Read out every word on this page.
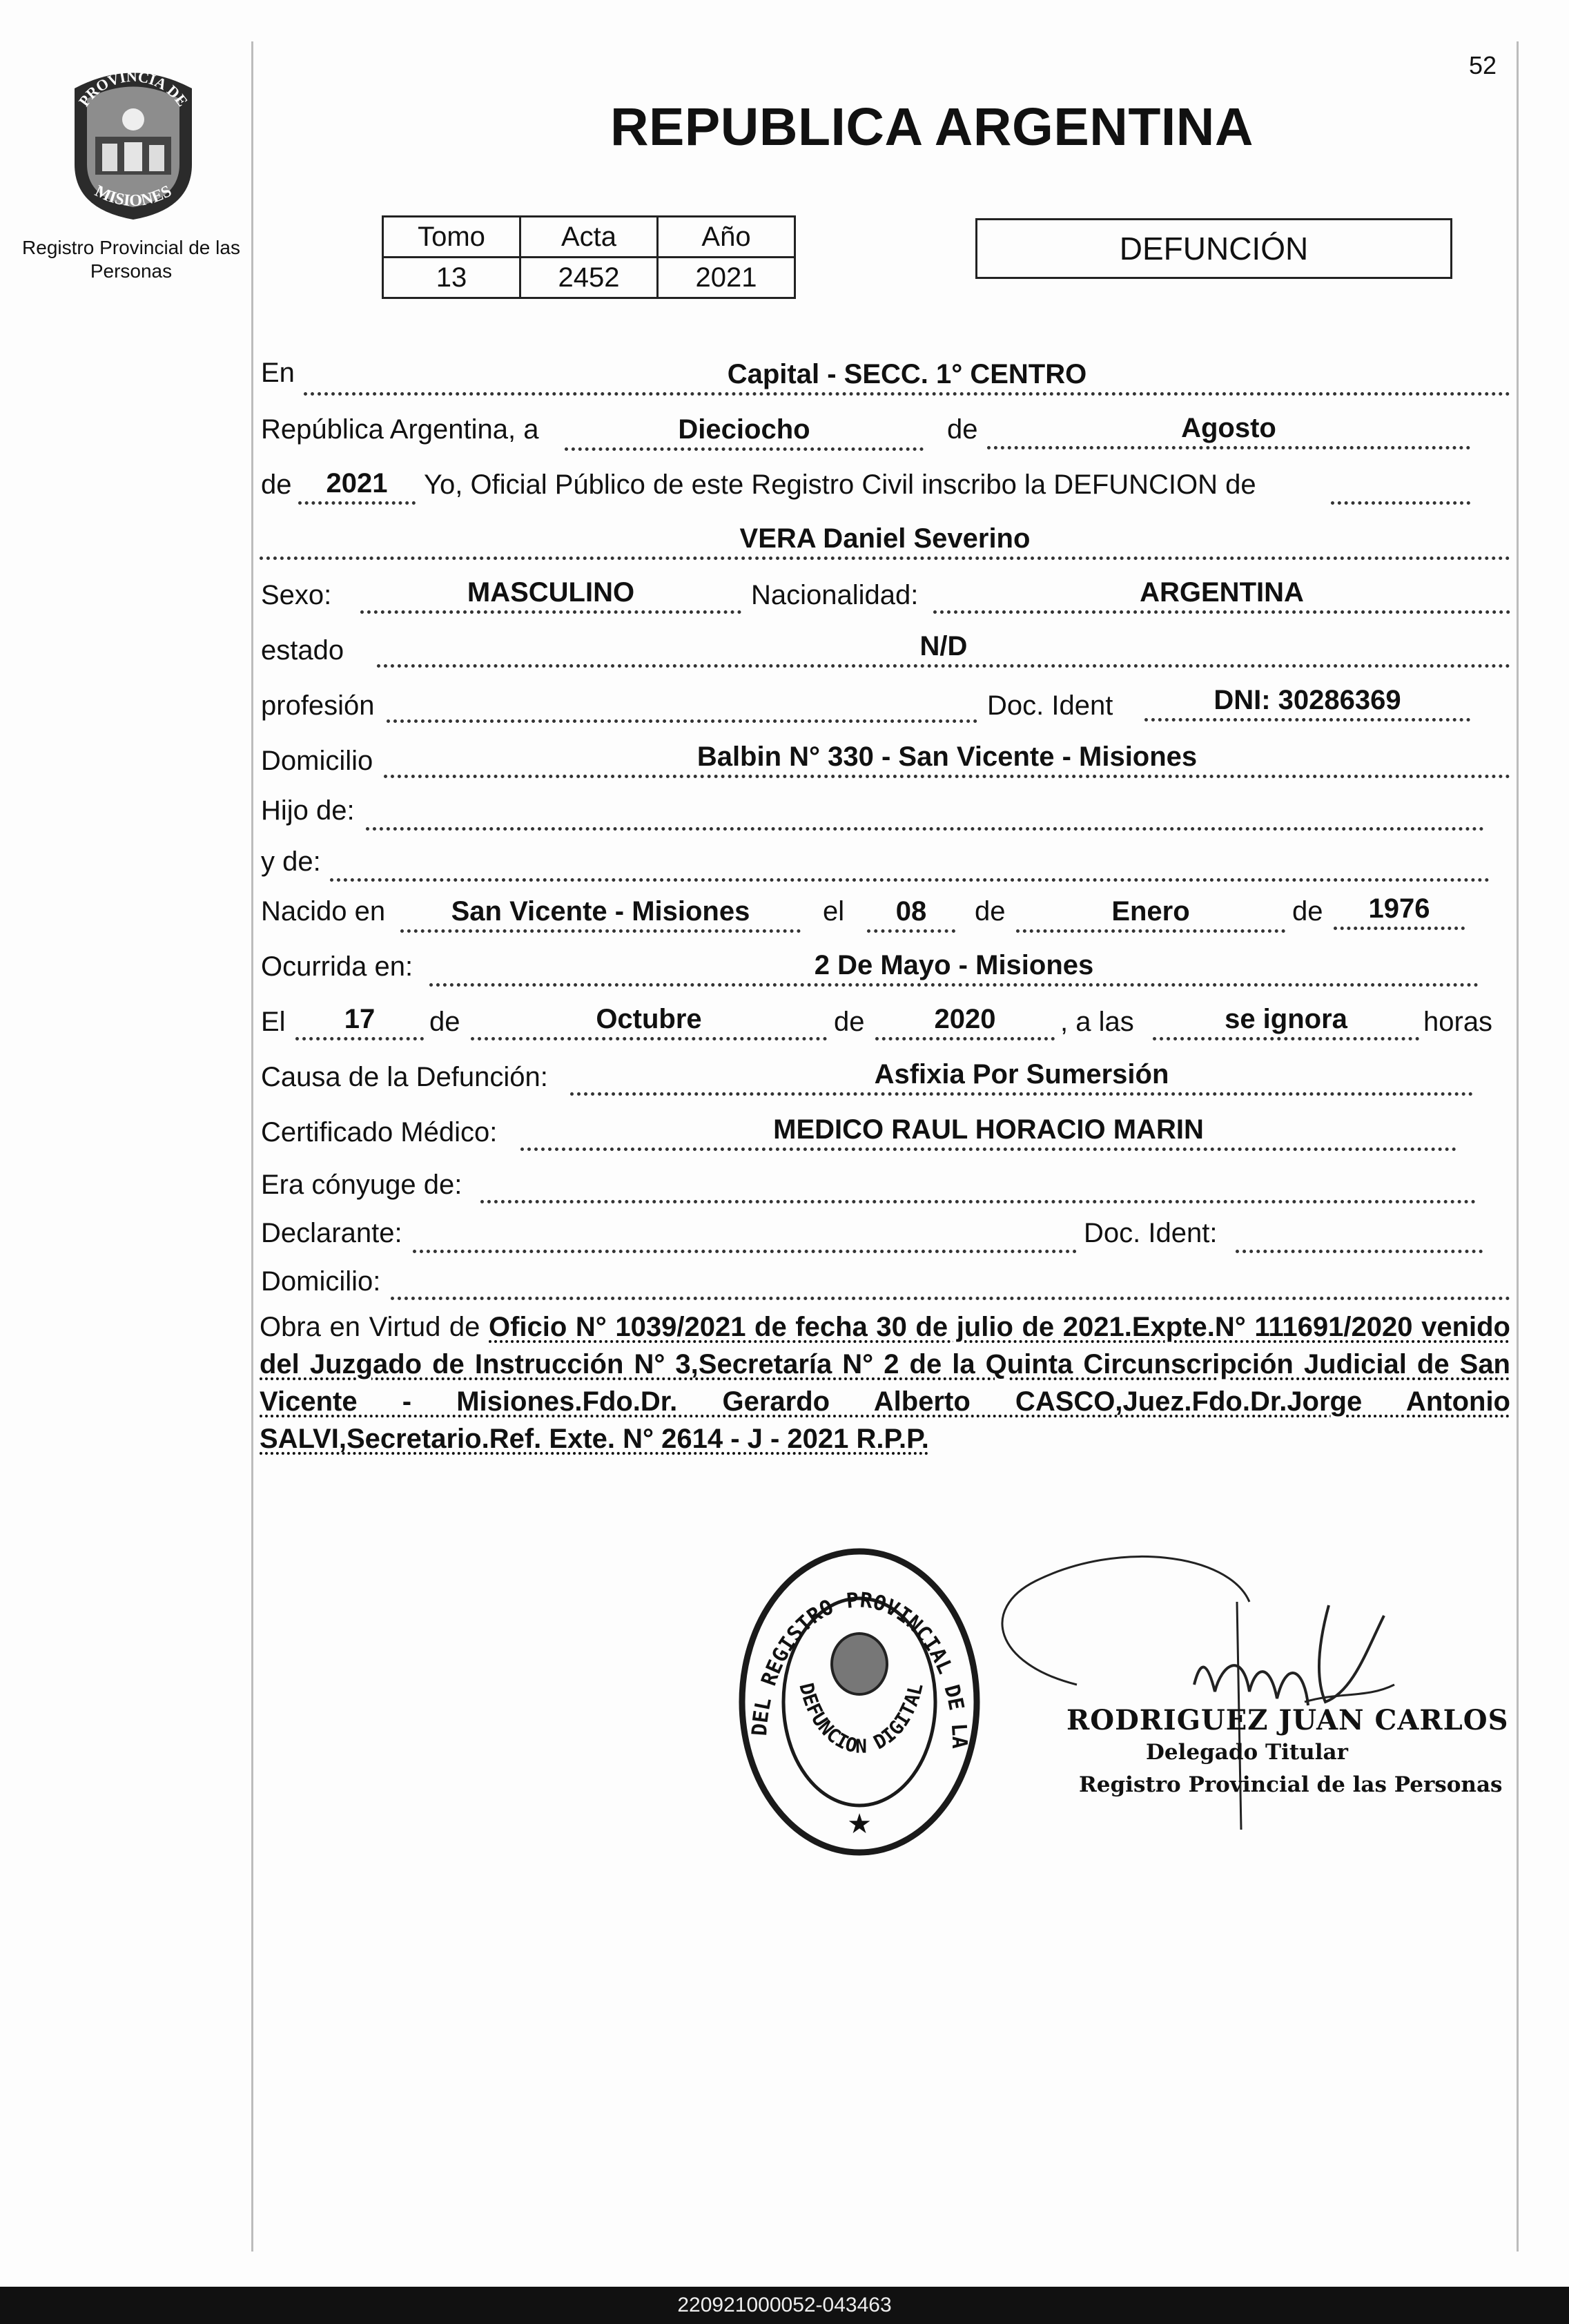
52
PROVINCIA DE
MISIONES
Registro Provincial de las Personas
REPUBLICA ARGENTINA
Tomo	Acta	Año
13	2452	2021
DEFUNCIÓN
En	Capital - SECC. 1° CENTRO
República Argentina, a	Dieciocho	de	Agosto
de	2021	Yo, Oficial Público de este Registro Civil inscribo la DEFUNCION de
VERA Daniel Severino
Sexo:	MASCULINO	Nacionalidad:	ARGENTINA
estado	N/D
profesión	Doc. Ident	DNI: 30286369
Domicilio	Balbin N° 330 - San Vicente - Misiones
Hijo de:
y de:
Nacido en	San Vicente - Misiones	el	08	de	Enero	de	1976
Ocurrida en:	2 De Mayo - Misiones
El	17	de	Octubre	de	2020	, a las	se ignora	horas
Causa de la Defunción:	Asfixia Por Sumersión
Certificado Médico:	MEDICO RAUL HORACIO MARIN
Era cónyuge de:
Declarante:	Doc. Ident:
Domicilio:
Obra en Virtud de Oficio N° 1039/2021 de fecha 30 de julio de 2021.Expte.N° 111691/2020 venido del Juzgado de Instrucción N° 3,Secretaría N° 2 de la Quinta Circunscripción Judicial de San Vicente - Misiones.Fdo.Dr. Gerardo Alberto CASCO,Juez.Fdo.Dr.Jorge Antonio SALVI,Secretario.Ref. Exte. N° 2614 - J - 2021 R.P.P.
★
DEL REGISTRO PROVINCIAL DE LA
DEFUNCION DIGITAL
RODRIGUEZ JUAN CARLOS
Delegado Titular
Registro Provincial de las Personas
220921000052-043463
